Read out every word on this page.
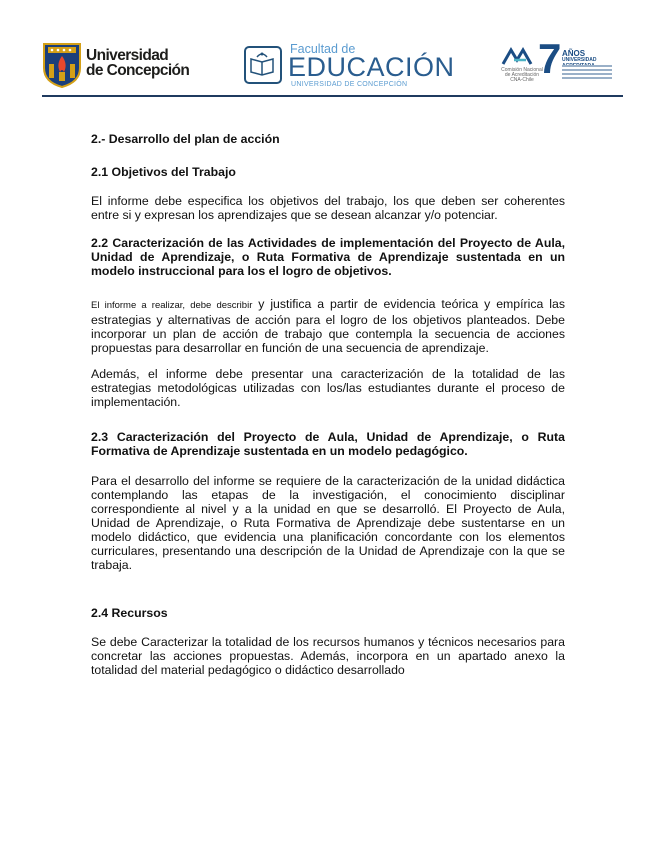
Universidad
de Concepción
Facultad de
EDUCACIÓN
UNIVERSIDAD DE CONCEPCIÓN
Comisión Nacional
de Acreditación
CNA-Chile 7 AÑOS
UNIVERSIDAD

2.- Desarrollo del plan de acción

2.1 Objetivos del Trabajo

El informe debe especifica los objetivos del trabajo, los que deben ser coherentes entre si y expresan los aprendizajes que se desean alcanzar y/o potenciar.

2.2 Caracterización de las Actividades de implementación del Proyecto de Aula, Unidad de Aprendizaje, o Ruta Formativa de Aprendizaje sustentada en un modelo instruccional para los el logro de objetivos.

El informe a realizar, debe describir y justifica a partir de evidencia teórica y empírica las estrategias y alternativas de acción para el logro de los objetivos planteados. Debe incorporar un plan de acción de trabajo que contempla la secuencia de acciones propuestas para desarrollar en función de una secuencia de aprendizaje.

Además, el informe debe presentar una caracterización de la totalidad de las estrategias metodológicas utilizadas con los/las estudiantes durante el proceso de implementación.

2.3 Caracterización del Proyecto de Aula, Unidad de Aprendizaje, o Ruta Formativa de Aprendizaje sustentada en un modelo pedagógico.

Para el desarrollo del informe se requiere de la caracterización de la unidad didáctica contemplando las etapas de la investigación, el conocimiento disciplinar correspondiente al nivel y a la unidad en que se desarrolló. El Proyecto de Aula, Unidad de Aprendizaje, o Ruta Formativa de Aprendizaje debe sustentarse en un modelo didáctico, que evidencia una planificación concordante con los elementos curriculares, presentando una descripción de la Unidad de Aprendizaje con la que se trabaja.

2.4 Recursos

Se debe Caracterizar la totalidad de los recursos humanos y técnicos necesarios para concretar las acciones propuestas. Además, incorpora en un apartado anexo la totalidad del material pedagógico o didáctico desarrollado
